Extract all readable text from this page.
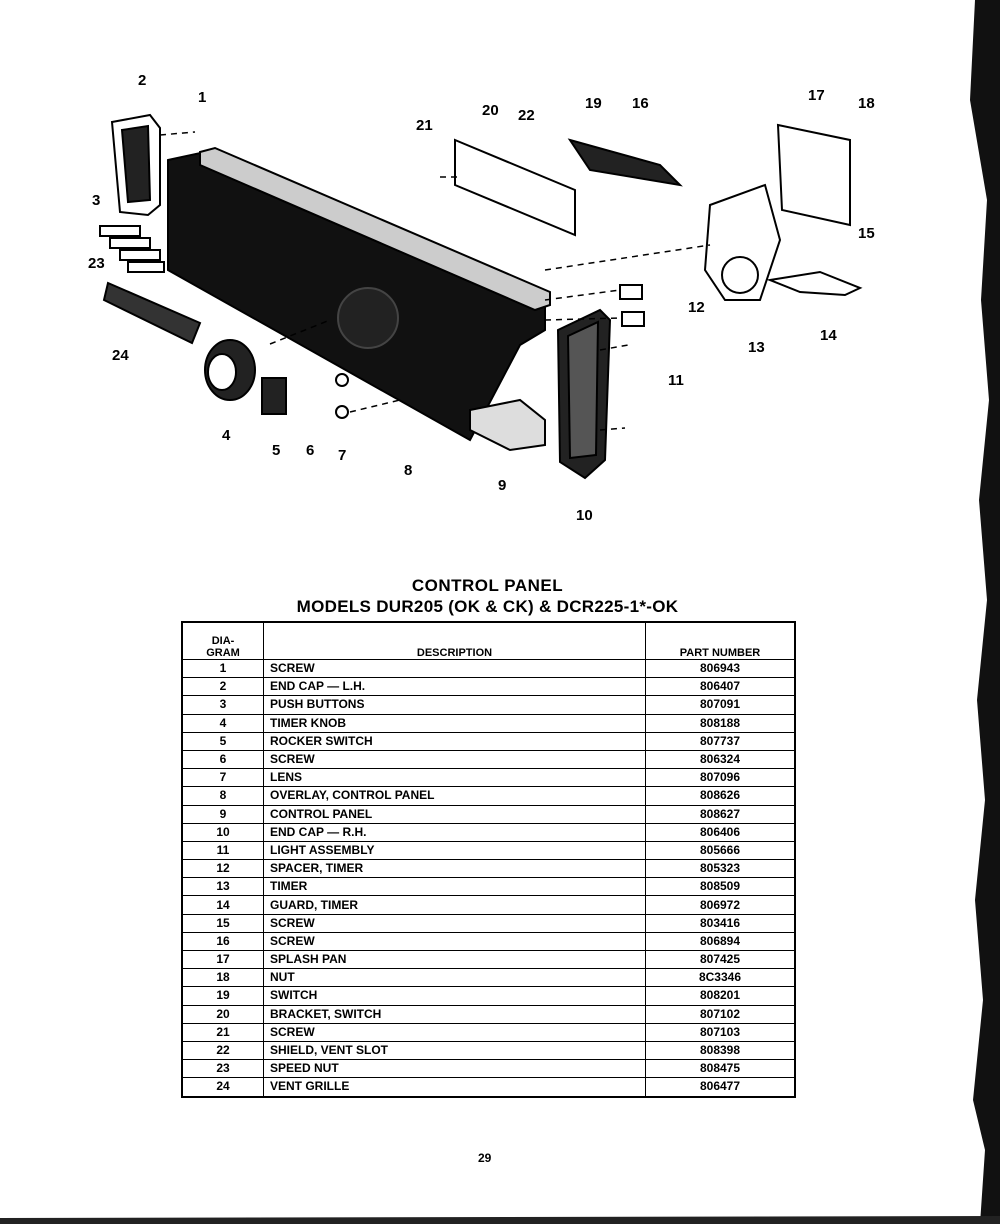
1
2
3
4
5 6 7
8
9
10
11
12
13
14
15
16	17 18
19
20
21
22
23
24
CONTROL PANEL
MODELS DUR205 (OK & CK) & DCR225-1*-OK
DIA-
GRAM	DESCRIPTION	PART NUMBER
1	SCREW	806943
2	END CAP — L.H.	806407
3	PUSH BUTTONS	807091
4	TIMER KNOB	808188
5	ROCKER SWITCH	807737
6	SCREW	806324
7	LENS	807096
8	OVERLAY, CONTROL PANEL	808626
9	CONTROL PANEL	808627
10	END CAP — R.H.	806406
11	LIGHT ASSEMBLY	805666
12	SPACER, TIMER	805323
13	TIMER	808509
14	GUARD, TIMER	806972
15	SCREW	803416
16	SCREW	806894
17	SPLASH PAN	807425
18	NUT	8C3346
19	SWITCH	808201
20	BRACKET, SWITCH	807102
21	SCREW	807103
22	SHIELD, VENT SLOT	808398
23	SPEED NUT	808475
24	VENT GRILLE	806477
29
